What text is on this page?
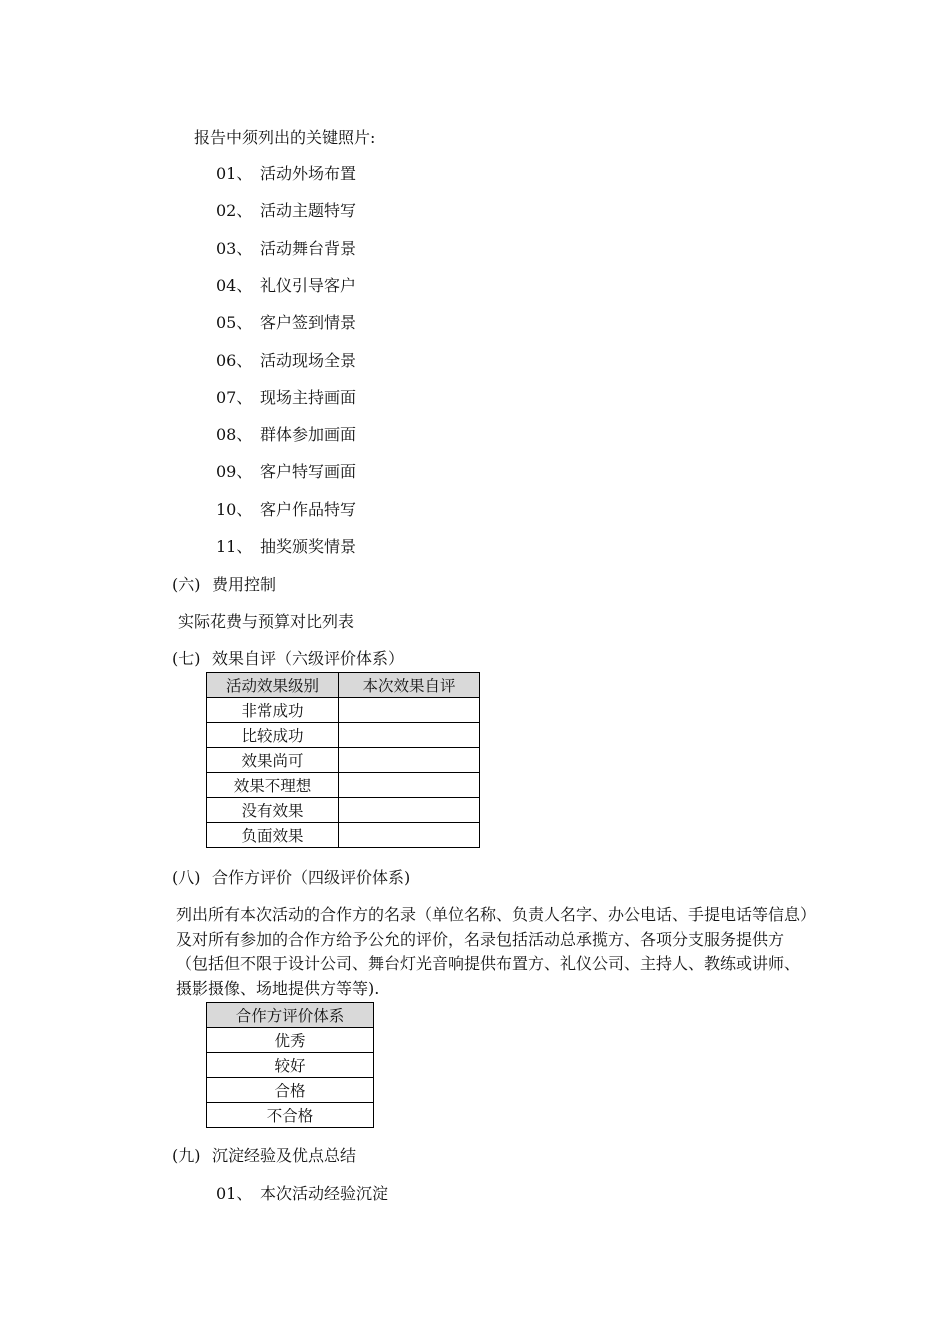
报告中须列出的关键照片:
01、 活动外场布置
02、 活动主题特写
03、 活动舞台背景
04、 礼仪引导客户
05、 客户签到情景
06、 活动现场全景
07、 现场主持画面
08、 群体参加画面
09、 客户特写画面
10、 客户作品特写
11、 抽奖颁奖情景
(六) 费用控制
实际花费与预算对比列表
(七) 效果自评（六级评价体系）
活动效果级别	本次效果自评
非常成功	
比较成功	
效果尚可	
效果不理想	
没有效果	
负面效果	
(八) 合作方评价（四级评价体系)
列出所有本次活动的合作方的名录（单位名称、负责人名字、办公电话、手提电话等信息）及对所有参加的合作方给予公允的评价，名录包括活动总承揽方、各项分支服务提供方（包括但不限于设计公司、舞台灯光音响提供布置方、礼仪公司、主持人、教练或讲师、摄影摄像、场地提供方等等).
合作方评价体系
优秀
较好
合格
不合格
(九) 沉淀经验及优点总结
01、 本次活动经验沉淀
